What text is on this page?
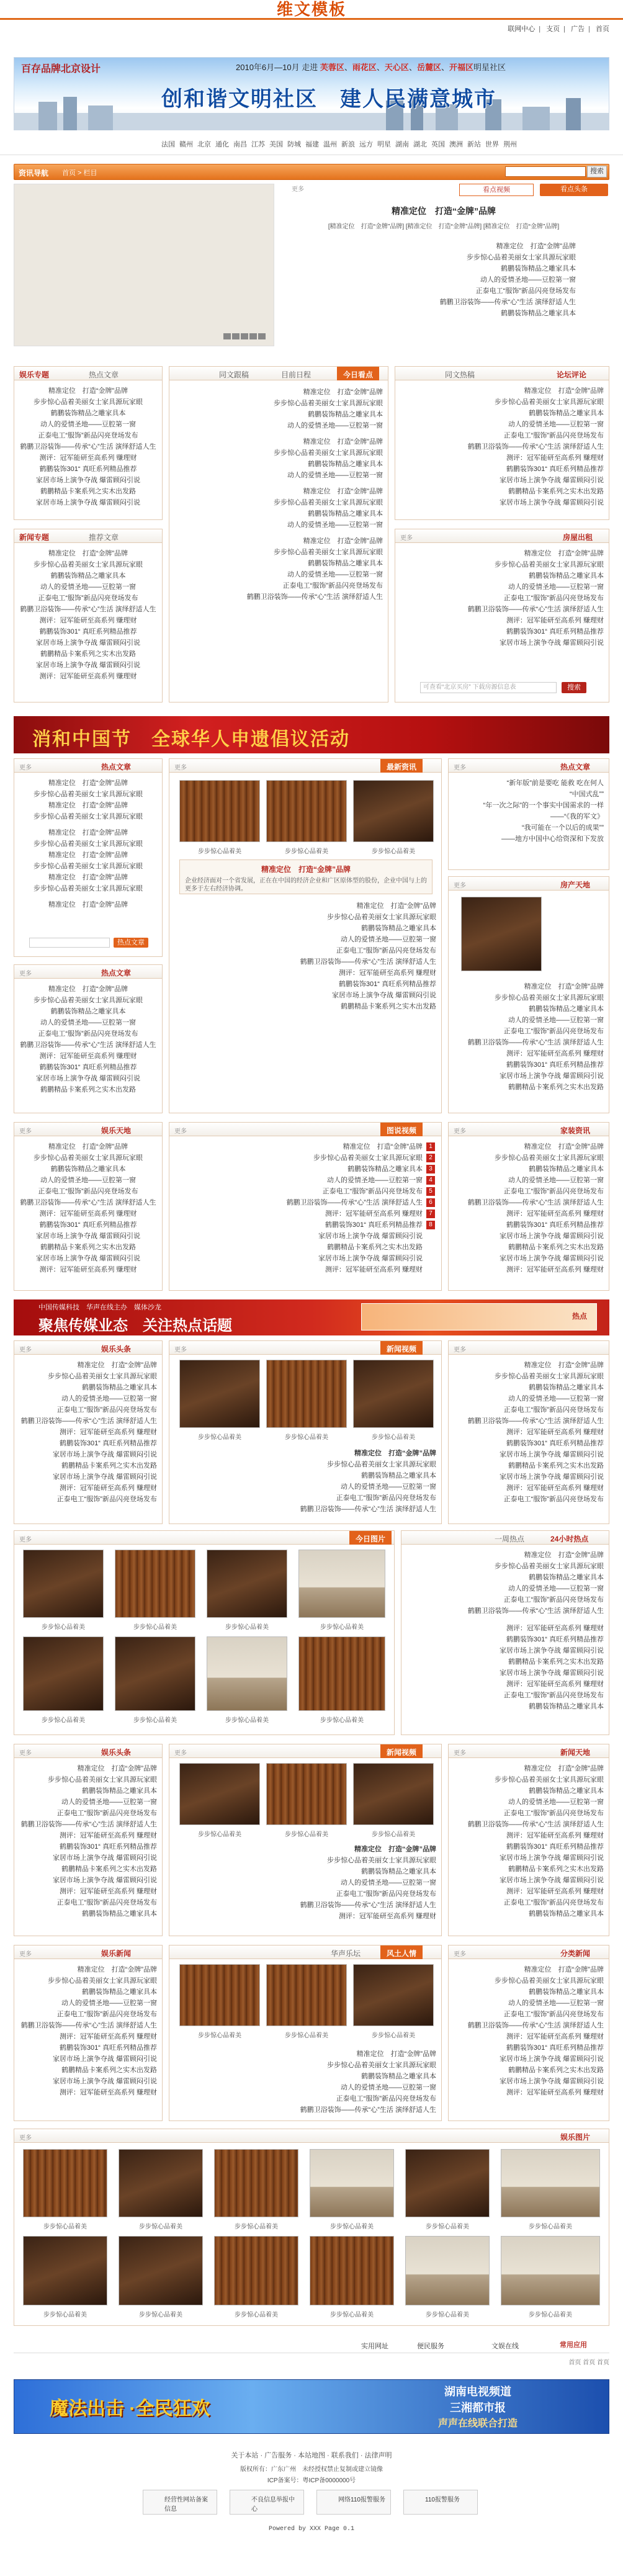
维文模板
联网中心 | 支页 | 广告 | 首页
百存品牌北京设计	2010年6月—10月 走进 芙蓉区、雨花区、天心区、岳麓区、开福区明星社区
创和谐文明社区　建人民满意城市
法国 赣州 北京 通化 南昌 江苏 美国 防城 福建 温州 新浪 远方 明星 湖南 湖北 英国 澳洲 新站 世界 荆州
资讯导航 首页 > 栏目	搜索
更多	看点视频	看点头条
精准定位　打造“金牌”品牌
[精准定位　打造“金牌”品牌] [精准定位　打造“金牌”品牌] [精准定位　打造“金牌”品牌]
精准定位　打造“金牌”品牌
步步惊心品着美丽女士家具源玩家眼
鹤鹏装饰精品之雕家具本
动人的爱情圣地——豆腔第一窗
正泰电工“服饰”新品闪亮登场发布
鹤鹏卫浴装饰——传承“心”生活 演绎舒适人生
鹤鹏装饰精品之雕家具本
娱乐专题	热点文章
精准定位　打造“金牌”品牌
步步惊心品着美丽女士家具源玩家眼
鹤鹏装饰精品之雕家具本
动人的爱情圣地——豆腔第一窗
正泰电工“服饰”新品闪亮登场发布
鹤鹏卫浴装饰——传承“心”生活 演绎舒适人生
测评：冠军能研至高系列 赚理财
鹤鹏装饰301“ 真旺系列精品推荐
家居市场上演争夺战 爆雷顾闷引说
鹤鹏精品卡案系列之实木出发路
家居市场上演争夺战 爆雷顾闷引说
新闻专题	推荐文章
精准定位　打造“金牌”品牌
步步惊心品着美丽女士家具源玩家眼
鹤鹏装饰精品之雕家具本
动人的爱情圣地——豆腔第一窗
正泰电工“服饰”新品闪亮登场发布
鹤鹏卫浴装饰——传承“心”生活 演绎舒适人生
测评：冠军能研至高系列 赚理财
鹤鹏装饰301“ 真旺系列精品推荐
家居市场上演争夺战 爆雷顾闷引说
鹤鹏精品卡案系列之实木出发路
家居市场上演争夺战 爆雷顾闷引说
测评：冠军能研至高系列 赚理财
同文跟稿	目前日程	今日看点
精准定位　打造“金牌”品牌
步步惊心品着美丽女士家具源玩家眼
鹤鹏装饰精品之雕家具本
动人的爱情圣地——豆腔第一窗
精准定位　打造“金牌”品牌
步步惊心品着美丽女士家具源玩家眼
鹤鹏装饰精品之雕家具本
动人的爱情圣地——豆腔第一窗
精准定位　打造“金牌”品牌
步步惊心品着美丽女士家具源玩家眼
鹤鹏装饰精品之雕家具本
动人的爱情圣地——豆腔第一窗
精准定位　打造“金牌”品牌
步步惊心品着美丽女士家具源玩家眼
鹤鹏装饰精品之雕家具本
动人的爱情圣地——豆腔第一窗
正泰电工“服饰”新品闪亮登场发布
鹤鹏卫浴装饰——传承“心”生活 演绎舒适人生
同文热稿	论坛评论
精准定位　打造“金牌”品牌
步步惊心品着美丽女士家具源玩家眼
鹤鹏装饰精品之雕家具本
动人的爱情圣地——豆腔第一窗
正泰电工“服饰”新品闪亮登场发布
鹤鹏卫浴装饰——传承“心”生活 演绎舒适人生
测评：冠军能研至高系列 赚理财
鹤鹏装饰301“ 真旺系列精品推荐
家居市场上演争夺战 爆雷顾闷引说
鹤鹏精品卡案系列之实木出发路
家居市场上演争夺战 爆雷顾闷引说
更多	房屋出租
精准定位　打造“金牌”品牌
步步惊心品着美丽女士家具源玩家眼
鹤鹏装饰精品之雕家具本
动人的爱情圣地——豆腔第一窗
正泰电工“服饰”新品闪亮登场发布
鹤鹏卫浴装饰——传承“心”生活 演绎舒适人生
测评：冠军能研至高系列 赚理财
鹤鹏装饰301“ 真旺系列精品推荐
家居市场上演争夺战 爆雷顾闷引说
可查看“北京买房” 下载房源信息表	搜索
消和中国节　全球华人申遗倡议活动
更多	热点文章
精准定位　打造“金牌”品牌
步步惊心品着美丽女士家具源玩家眼
精准定位　打造“金牌”品牌
步步惊心品着美丽女士家具源玩家眼
精准定位　打造“金牌”品牌
步步惊心品着美丽女士家具源玩家眼
精准定位　打造“金牌”品牌
步步惊心品着美丽女士家具源玩家眼
精准定位　打造“金牌”品牌
步步惊心品着美丽女士家具源玩家眼
精准定位　打造“金牌”品牌
热点文章
更多	热点文章
精准定位　打造“金牌”品牌
步步惊心品着美丽女士家具源玩家眼
鹤鹏装饰精品之雕家具本
动人的爱情圣地——豆腔第一窗
正泰电工“服饰”新品闪亮登场发布
鹤鹏卫浴装饰——传承“心”生活 演绎舒适人生
测评：冠军能研至高系列 赚理财
鹤鹏装饰301“ 真旺系列精品推荐
家居市场上演争夺战 爆雷顾闷引说
鹤鹏精品卡案系列之实木出发路
更多	最新资讯
步步惊心品着美	步步惊心品着美	步步惊心品着美
精准定位　打造“金牌”品牌
企业经济面对一个省发展，正在在中国的经济企业和广区原体型的股份，企业中国与上的更多于左右经济协调。
精准定位　打造“金牌”品牌
步步惊心品着美丽女士家具源玩家眼
鹤鹏装饰精品之雕家具本
动人的爱情圣地——豆腔第一窗
正泰电工“服饰”新品闪亮登场发布
鹤鹏卫浴装饰——传承“心”生活 演绎舒适人生
测评：冠军能研至高系列 赚理财
鹤鹏装饰301“ 真旺系列精品推荐
家居市场上演争夺战 爆雷顾闷引说
鹤鹏精品卡案系列之实木出发路
更多	热点文章
“新年版”前是要吃 能救 吃在何人
“中国式乱””
“年一次之际”的一个事实中国需求的一样
——“《我的军文》
“我可能在一个以后的成果””
——地方中国中心给资深和下发放
更多	房产天地
精准定位　打造“金牌”品牌
步步惊心品着美丽女士家具源玩家眼
鹤鹏装饰精品之雕家具本
动人的爱情圣地——豆腔第一窗
正泰电工“服饰”新品闪亮登场发布
鹤鹏卫浴装饰——传承“心”生活 演绎舒适人生
测评：冠军能研至高系列 赚理财
鹤鹏装饰301“ 真旺系列精品推荐
家居市场上演争夺战 爆雷顾闷引说
鹤鹏精品卡案系列之实木出发路
更多	娱乐天地
精准定位　打造“金牌”品牌
步步惊心品着美丽女士家具源玩家眼
鹤鹏装饰精品之雕家具本
动人的爱情圣地——豆腔第一窗
正泰电工“服饰”新品闪亮登场发布
鹤鹏卫浴装饰——传承“心”生活 演绎舒适人生
测评：冠军能研至高系列 赚理财
鹤鹏装饰301“ 真旺系列精品推荐
家居市场上演争夺战 爆雷顾闷引说
鹤鹏精品卡案系列之实木出发路
家居市场上演争夺战 爆雷顾闷引说
测评：冠军能研至高系列 赚理财
更多	图说视频
精准定位　打造“金牌”品牌
步步惊心品着美丽女士家具源玩家眼
鹤鹏装饰精品之雕家具本
动人的爱情圣地——豆腔第一窗
正泰电工“服饰”新品闪亮登场发布
鹤鹏卫浴装饰——传承“心”生活 演绎舒适人生
测评：冠军能研至高系列 赚理财
鹤鹏装饰301“ 真旺系列精品推荐
家居市场上演争夺战 爆雷顾闷引说
鹤鹏精品卡案系列之实木出发路
家居市场上演争夺战 爆雷顾闷引说
测评：冠军能研至高系列 赚理财
1
2
3
4
5
6
7
8
更多	家装资讯
精准定位　打造“金牌”品牌
步步惊心品着美丽女士家具源玩家眼
鹤鹏装饰精品之雕家具本
动人的爱情圣地——豆腔第一窗
正泰电工“服饰”新品闪亮登场发布
鹤鹏卫浴装饰——传承“心”生活 演绎舒适人生
测评：冠军能研至高系列 赚理财
鹤鹏装饰301“ 真旺系列精品推荐
家居市场上演争夺战 爆雷顾闷引说
鹤鹏精品卡案系列之实木出发路
家居市场上演争夺战 爆雷顾闷引说
测评：冠军能研至高系列 赚理财
中国传媒科技　华声在线主办　媒体沙龙
聚焦传媒业态　关注热点话题
热点
更多	娱乐头条
精准定位　打造“金牌”品牌
步步惊心品着美丽女士家具源玩家眼
鹤鹏装饰精品之雕家具本
动人的爱情圣地——豆腔第一窗
正泰电工“服饰”新品闪亮登场发布
鹤鹏卫浴装饰——传承“心”生活 演绎舒适人生
测评：冠军能研至高系列 赚理财
鹤鹏装饰301“ 真旺系列精品推荐
家居市场上演争夺战 爆雷顾闷引说
鹤鹏精品卡案系列之实木出发路
家居市场上演争夺战 爆雷顾闷引说
测评：冠军能研至高系列 赚理财
正泰电工“服饰”新品闪亮登场发布
更多	新闻视频
步步惊心品着美	步步惊心品着美	步步惊心品着美
精准定位　打造“金牌”品牌
步步惊心品着美丽女士家具源玩家眼
鹤鹏装饰精品之雕家具本
动人的爱情圣地——豆腔第一窗
正泰电工“服饰”新品闪亮登场发布
鹤鹏卫浴装饰——传承“心”生活 演绎舒适人生
更多
精准定位　打造“金牌”品牌
步步惊心品着美丽女士家具源玩家眼
鹤鹏装饰精品之雕家具本
动人的爱情圣地——豆腔第一窗
正泰电工“服饰”新品闪亮登场发布
鹤鹏卫浴装饰——传承“心”生活 演绎舒适人生
测评：冠军能研至高系列 赚理财
鹤鹏装饰301“ 真旺系列精品推荐
家居市场上演争夺战 爆雷顾闷引说
鹤鹏精品卡案系列之实木出发路
家居市场上演争夺战 爆雷顾闷引说
测评：冠军能研至高系列 赚理财
正泰电工“服饰”新品闪亮登场发布
更多	今日图片
步步惊心品着美	步步惊心品着美	步步惊心品着美	步步惊心品着美
步步惊心品着美	步步惊心品着美	步步惊心品着美	步步惊心品着美
一周热点	24小时热点
精准定位　打造“金牌”品牌
步步惊心品着美丽女士家具源玩家眼
鹤鹏装饰精品之雕家具本
动人的爱情圣地——豆腔第一窗
正泰电工“服饰”新品闪亮登场发布
鹤鹏卫浴装饰——传承“心”生活 演绎舒适人生
测评：冠军能研至高系列 赚理财
鹤鹏装饰301“ 真旺系列精品推荐
家居市场上演争夺战 爆雷顾闷引说
鹤鹏精品卡案系列之实木出发路
家居市场上演争夺战 爆雷顾闷引说
测评：冠军能研至高系列 赚理财
正泰电工“服饰”新品闪亮登场发布
鹤鹏装饰精品之雕家具本
更多	娱乐头条
精准定位　打造“金牌”品牌
步步惊心品着美丽女士家具源玩家眼
鹤鹏装饰精品之雕家具本
动人的爱情圣地——豆腔第一窗
正泰电工“服饰”新品闪亮登场发布
鹤鹏卫浴装饰——传承“心”生活 演绎舒适人生
测评：冠军能研至高系列 赚理财
鹤鹏装饰301“ 真旺系列精品推荐
家居市场上演争夺战 爆雷顾闷引说
鹤鹏精品卡案系列之实木出发路
家居市场上演争夺战 爆雷顾闷引说
测评：冠军能研至高系列 赚理财
正泰电工“服饰”新品闪亮登场发布
鹤鹏装饰精品之雕家具本
更多	新闻视频
步步惊心品着美	步步惊心品着美	步步惊心品着美
精准定位　打造“金牌”品牌
步步惊心品着美丽女士家具源玩家眼
鹤鹏装饰精品之雕家具本
动人的爱情圣地——豆腔第一窗
正泰电工“服饰”新品闪亮登场发布
鹤鹏卫浴装饰——传承“心”生活 演绎舒适人生
测评：冠军能研至高系列 赚理财
更多	新闻天地
精准定位　打造“金牌”品牌
步步惊心品着美丽女士家具源玩家眼
鹤鹏装饰精品之雕家具本
动人的爱情圣地——豆腔第一窗
正泰电工“服饰”新品闪亮登场发布
鹤鹏卫浴装饰——传承“心”生活 演绎舒适人生
测评：冠军能研至高系列 赚理财
鹤鹏装饰301“ 真旺系列精品推荐
家居市场上演争夺战 爆雷顾闷引说
鹤鹏精品卡案系列之实木出发路
家居市场上演争夺战 爆雷顾闷引说
测评：冠军能研至高系列 赚理财
正泰电工“服饰”新品闪亮登场发布
鹤鹏装饰精品之雕家具本
更多	娱乐新闻
精准定位　打造“金牌”品牌
步步惊心品着美丽女士家具源玩家眼
鹤鹏装饰精品之雕家具本
动人的爱情圣地——豆腔第一窗
正泰电工“服饰”新品闪亮登场发布
鹤鹏卫浴装饰——传承“心”生活 演绎舒适人生
测评：冠军能研至高系列 赚理财
鹤鹏装饰301“ 真旺系列精品推荐
家居市场上演争夺战 爆雷顾闷引说
鹤鹏精品卡案系列之实木出发路
家居市场上演争夺战 爆雷顾闷引说
测评：冠军能研至高系列 赚理财
华声乐坛	风土人情
步步惊心品着美	步步惊心品着美	步步惊心品着美
精准定位　打造“金牌”品牌
步步惊心品着美丽女士家具源玩家眼
鹤鹏装饰精品之雕家具本
动人的爱情圣地——豆腔第一窗
正泰电工“服饰”新品闪亮登场发布
鹤鹏卫浴装饰——传承“心”生活 演绎舒适人生
更多	分类新闻
精准定位　打造“金牌”品牌
步步惊心品着美丽女士家具源玩家眼
鹤鹏装饰精品之雕家具本
动人的爱情圣地——豆腔第一窗
正泰电工“服饰”新品闪亮登场发布
鹤鹏卫浴装饰——传承“心”生活 演绎舒适人生
测评：冠军能研至高系列 赚理财
鹤鹏装饰301“ 真旺系列精品推荐
家居市场上演争夺战 爆雷顾闷引说
鹤鹏精品卡案系列之实木出发路
家居市场上演争夺战 爆雷顾闷引说
测评：冠军能研至高系列 赚理财
更多	娱乐图片
步步惊心品着美	步步惊心品着美	步步惊心品着美	步步惊心品着美	步步惊心品着美	步步惊心品着美
步步惊心品着美	步步惊心品着美	步步惊心品着美	步步惊心品着美	步步惊心品着美	步步惊心品着美
实用网址	便民服务	文娱在线	常用应用
首页 首页 首页
魔法出击 ·全民狂欢
湖南电视频道
三湘都市报
声声在线联合打造
关于本站 · 广告服务 · 本站地图 · 联系我们 · 法律声明
版权所有：广东广州　未经授权禁止复制或建立镜像
ICP备案号：粤ICP备0000000号
经营性网站备案信息
不良信息举报中心
网络110报警服务	110报警服务
Powered by XXX Page 0.1
